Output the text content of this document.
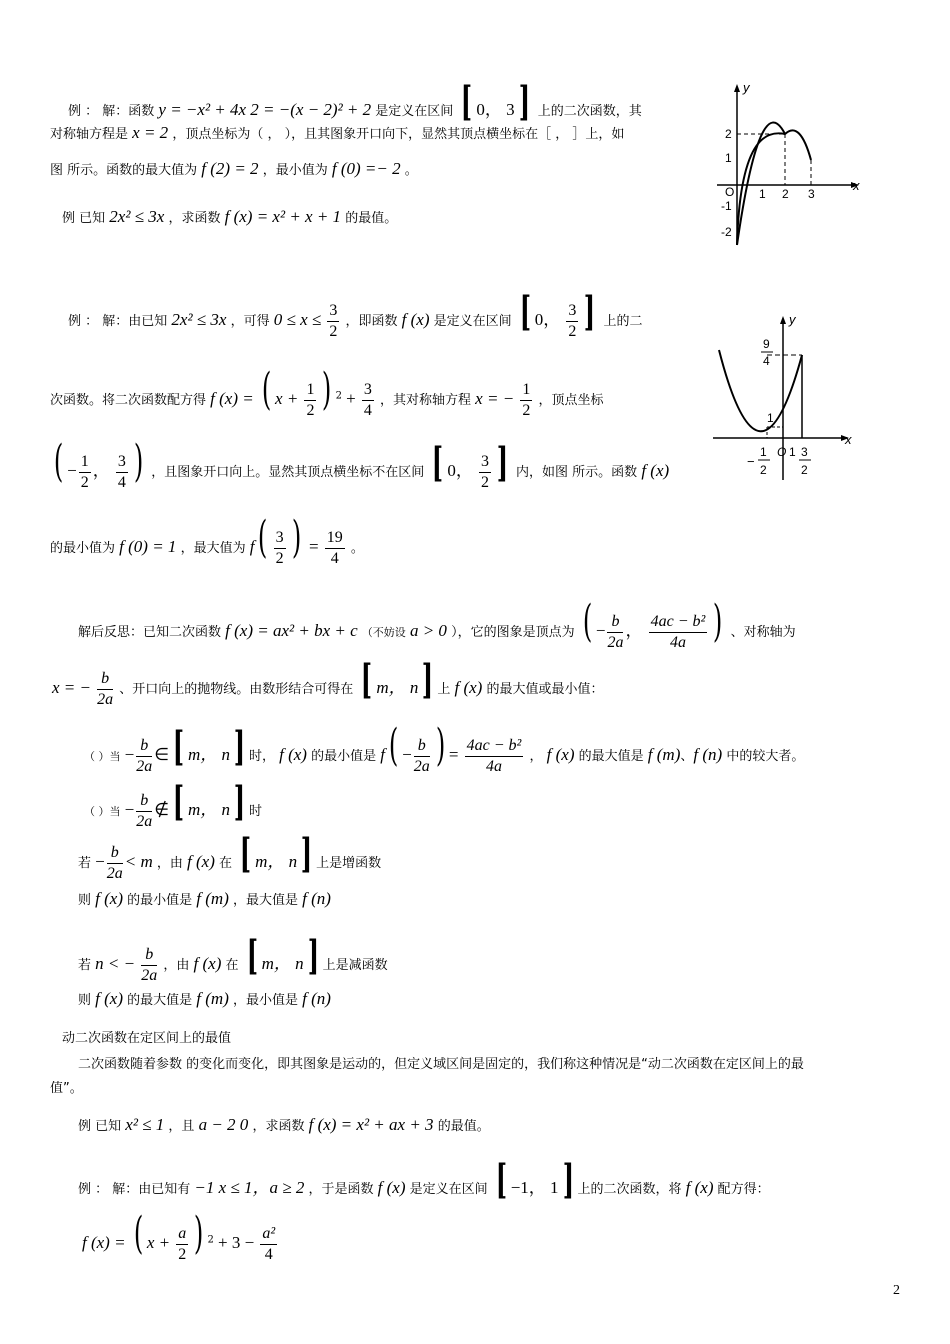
例 ： 解：函数 y = −x² + 4x 2 = −(x − 2)² + 2 是定义在区间 [ 0， 3] 上的二次函数，其
对称轴方程是 x = 2 ，顶点坐标为（ ， ），且其图象开口向下，显然其顶点横坐标在［ ， ］上，如
图 所示。函数的最大值为 f (2) = 2 ，最小值为 f (0) =− 2 。
y
x
2
1
O
-1
-2
1 2 3
例 已知 2x² ≤ 3x ，求函数 f (x) = x² + x + 1 的最值。
例 ： 解：由已知 2x² ≤ 3x ，可得 $0 \le x \le \frac{3}{2}$ ，即函数 f (x) 是定义在区间 [ 0， $\frac{3}{2}$ ] 上的二
次函数。将二次函数配方得 f (x) = ( $x + \frac{1}{2}$ ) $^2 + \frac{3}{4}$ ，其对称轴方程 x = − $\frac{1}{2}$ ，顶点坐标
( − $\frac{1}{2}$ ， $\frac{3}{4}$ ) ，且图象开口向上。显然其顶点横坐标不在区间 [ 0， $\frac{3}{2}$ ] 内，如图 所示。函数 f (x)
的最小值为 f (0) = 1 ，最大值为 $f( \frac{3}{2}$ ) = $\frac{19}{4}$ 。
y
x
9
4
1
−
1
2
O 1 3
2
解后反思：已知二次函数 f (x) = ax² + bx + c （不妨设 a > 0 ），它的图象是顶点为 ( − $\frac{b}{2a}$ ， $\frac{\text{4ac − b²}}{4a}$ ) 、对称轴为
x = − $\frac{b}{2a}$ 、开口向上的抛物线。由数形结合可得在 [ m， n] 上 f (x) 的最大值或最小值：
（ ）当 − $\frac{b}{2a}$ ∈[ m， n] 时， f (x) 的最小值是 $f( - \frac{b}{2a}$ ) = $\frac{\text{4ac − b²}}{4a}$ ， f (x) 的最大值是 f (m)、f (n) 中的较大者。
（ ）当 − $\frac{b}{2a}$ ∉[ m， n] 时
若 − $\frac{b}{2a} < m$ ，由 f (x) 在 [ m， n] 上是增函数
则 f (x) 的最小值是 f (m) ，最大值是 f (n)
若 n < − $\frac{b}{2a}$ ，由 f (x) 在 [ m， n] 上是减函数
则 f (x) 的最大值是 f (m) ，最小值是 f (n)
动二次函数在定区间上的最值
二次函数随着参数 的变化而变化，即其图象是运动的，但定义域区间是固定的，我们称这种情况是“动二次函数在定区间上的最
值”。
例 已知 x² ≤ 1 ，且 a − 2 0 ，求函数 f (x) = x² + ax + 3 的最值。
例 ： 解：由已知有 −1 x ≤ 1，a ≥ 2 ，于是函数 f (x) 是定义在区间 [ −1， 1] 上的二次函数，将 f (x) 配方得：
f (x) = ( $x + \frac{a}{2}$ ) $^2 + 3 - \frac{\text{a²}}{4}$
2
